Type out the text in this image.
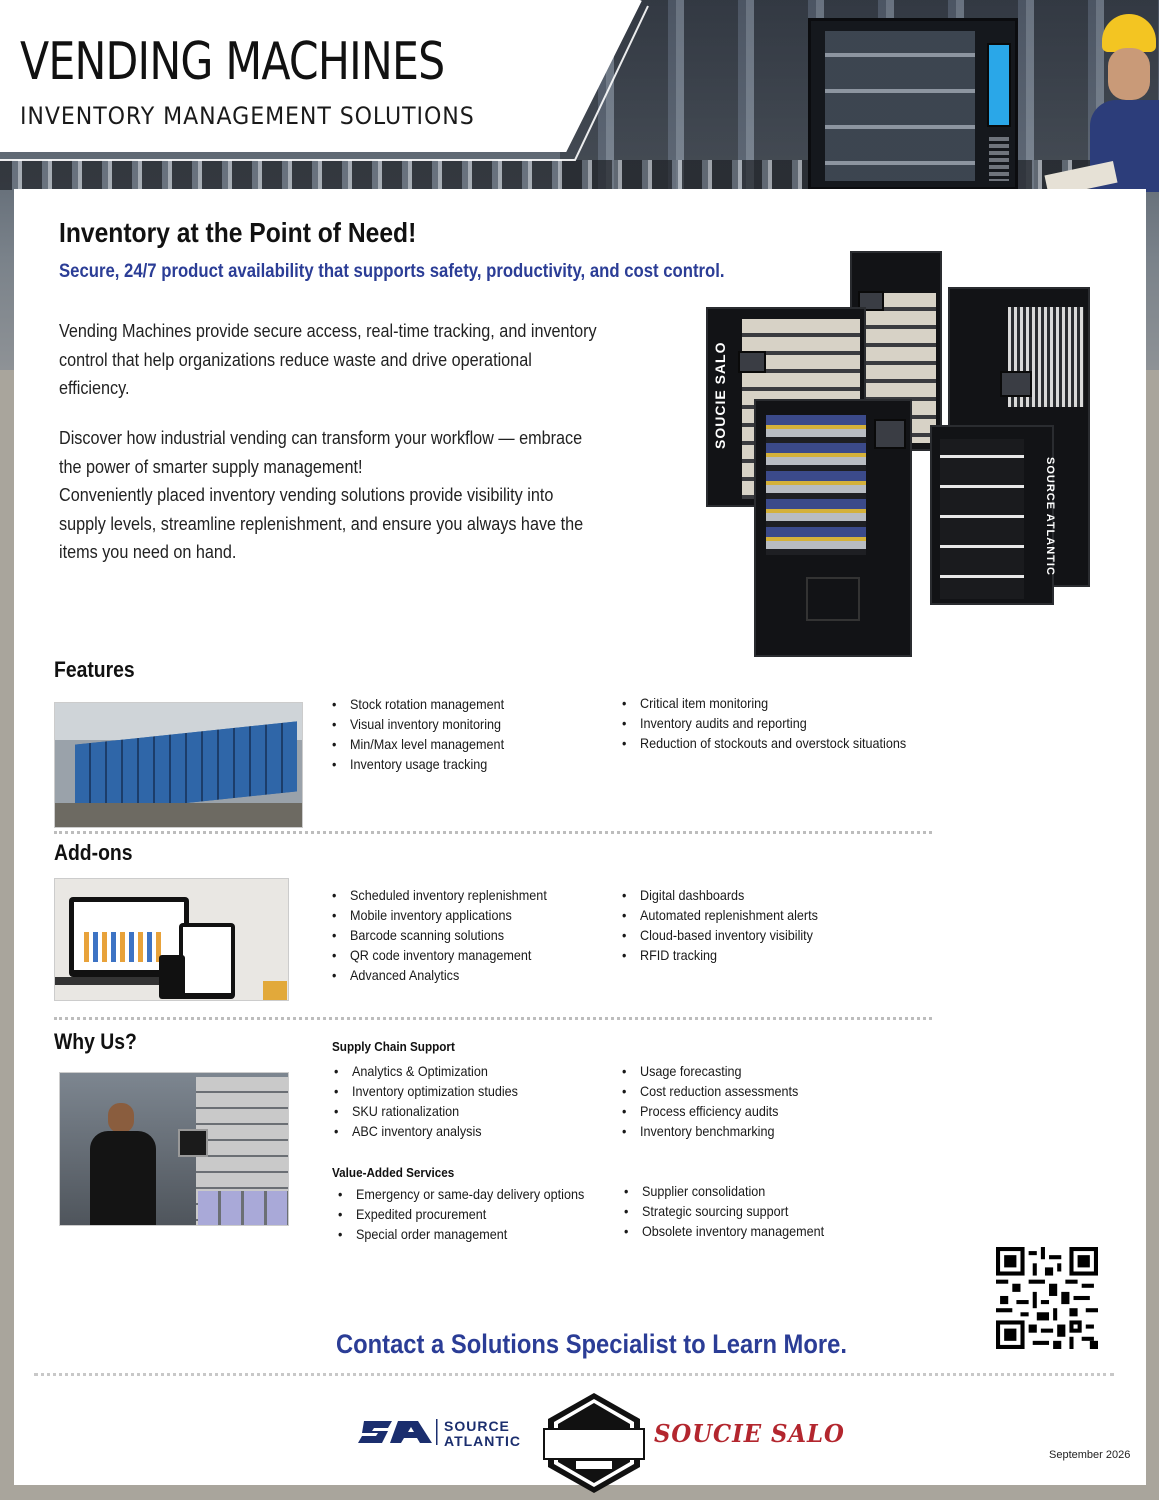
VENDING MACHINES
INVENTORY MANAGEMENT SOLUTIONS
Inventory at the Point of Need!
Secure, 24/7 product availability that supports safety, productivity, and cost control.
Vending Machines provide secure access, real-time tracking, and inventory control that help organizations reduce waste and drive operational efficiency.
Discover how industrial vending can transform your workflow — embrace the power of smarter supply management!
Conveniently placed inventory vending solutions provide visibility into supply levels, streamline replenishment, and ensure you always have the items you need on hand.
SOUCIE SALO
SOURCE ATLANTIC
Features
• Stock rotation management
• Visual inventory monitoring
• Min/Max level management
• Inventory usage tracking
• Critical item monitoring
• Inventory audits and reporting
• Reduction of stockouts and overstock situations
Add-ons
• Scheduled inventory replenishment
• Mobile inventory applications
• Barcode scanning solutions
• QR code inventory management
• Advanced Analytics
• Digital dashboards
• Automated replenishment alerts
• Cloud-based inventory visibility
• RFID tracking
Why Us?	Supply Chain Support
• Analytics & Optimization
• Inventory optimization studies
• SKU rationalization
• ABC inventory analysis
• Usage forecasting
• Cost reduction assessments
• Process efficiency audits
• Inventory benchmarking
Value-Added Services
• Emergency or same-day delivery options
• Expedited procurement
• Special order management
• Supplier consolidation
• Strategic sourcing support
• Obsolete inventory management
Contact a Solutions Specialist to Learn More.
SOURCE
ATLANTIC	SOUCIE SALO
September 2026
